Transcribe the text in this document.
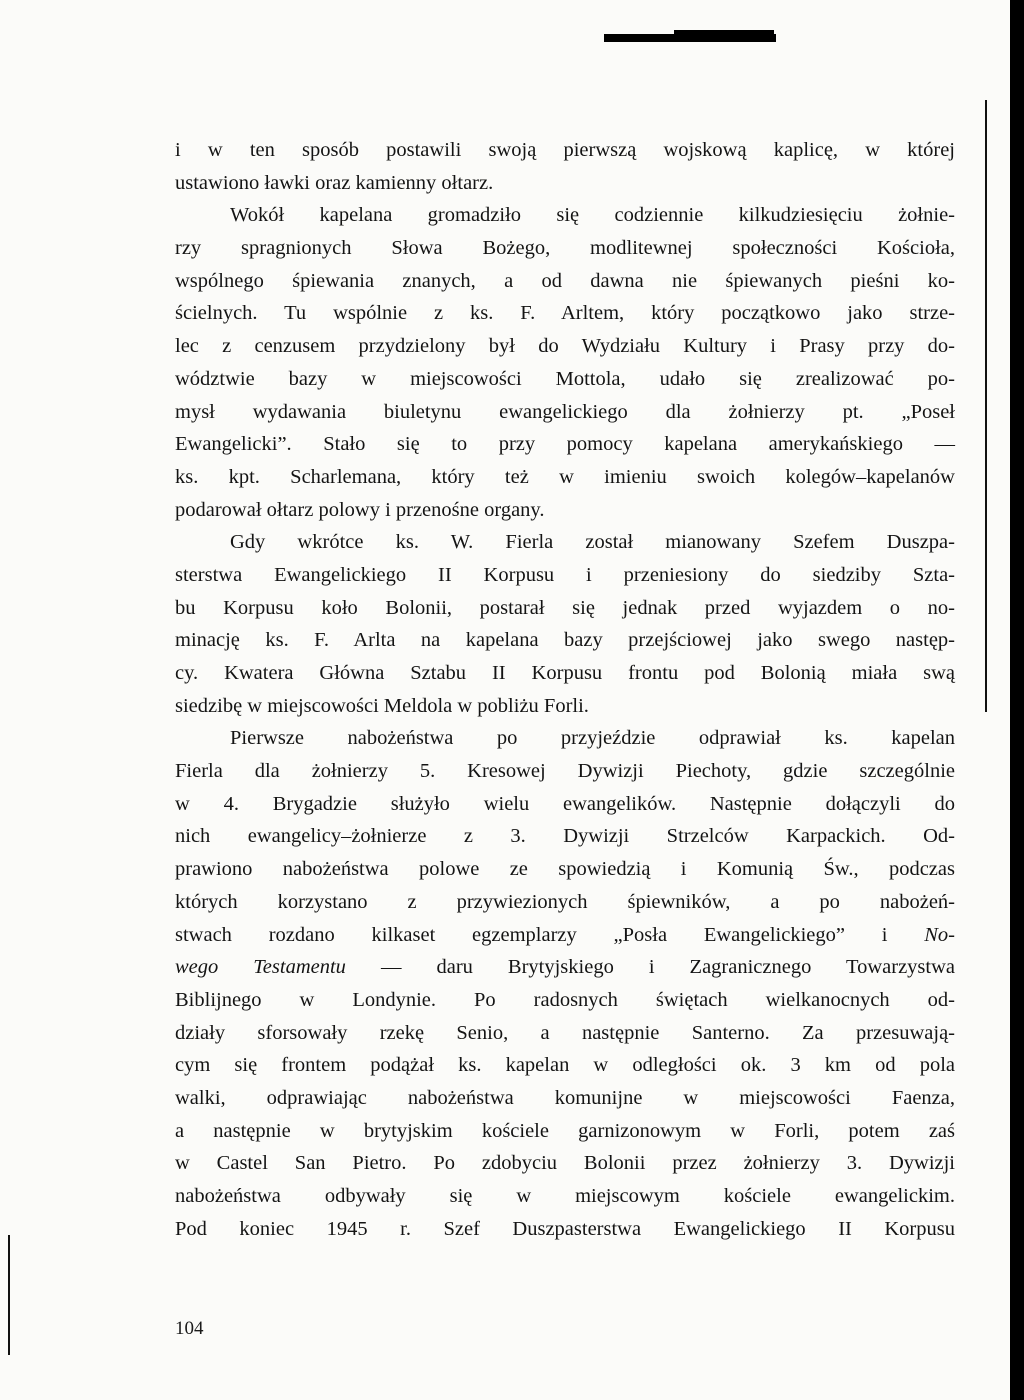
i w ten sposób postawili swoją pierwszą wojskową kaplicę, w której
ustawiono ławki oraz kamienny ołtarz.
Wokół kapelana gromadziło się codziennie kilkudziesięciu żołnie-
rzy spragnionych Słowa Bożego, modlitewnej społeczności Kościoła,
wspólnego śpiewania znanych, a od dawna nie śpiewanych pieśni ko-
ścielnych. Tu wspólnie z ks. F. Arltem, który początkowo jako strze-
lec z cenzusem przydzielony był do Wydziału Kultury i Prasy przy do-
wództwie bazy w miejscowości Mottola, udało się zrealizować po-
mysł wydawania biuletynu ewangelickiego dla żołnierzy pt. „Poseł
Ewangelicki”. Stało się to przy pomocy kapelana amerykańskiego —
ks. kpt. Scharlemana, który też w imieniu swoich kolegów–kapelanów
podarował ołtarz polowy i przenośne organy.
Gdy wkrótce ks. W. Fierla został mianowany Szefem Duszpa-
sterstwa Ewangelickiego II Korpusu i przeniesiony do siedziby Szta-
bu Korpusu koło Bolonii, postarał się jednak przed wyjazdem o no-
minację ks. F. Arlta na kapelana bazy przejściowej jako swego następ-
cy. Kwatera Główna Sztabu II Korpusu frontu pod Bolonią miała swą
siedzibę w miejscowości Meldola w pobliżu Forli.
Pierwsze nabożeństwa po przyjeździe odprawiał ks. kapelan
Fierla dla żołnierzy 5. Kresowej Dywizji Piechoty, gdzie szczególnie
w 4. Brygadzie służyło wielu ewangelików. Następnie dołączyli do
nich ewangelicy–żołnierze z 3. Dywizji Strzelców Karpackich. Od-
prawiono nabożeństwa polowe ze spowiedzią i Komunią Św., podczas
których korzystano z przywiezionych śpiewników, a po nabożeń-
stwach rozdano kilkaset egzemplarzy „Posła Ewangelickiego” i No-
wego Testamentu — daru Brytyjskiego i Zagranicznego Towarzystwa
Biblijnego w Londynie. Po radosnych świętach wielkanocnych od-
działy sforsowały rzekę Senio, a następnie Santerno. Za przesuwają-
cym się frontem podążał ks. kapelan w odległości ok. 3 km od pola
walki, odprawiając nabożeństwa komunijne w miejscowości Faenza,
a następnie w brytyjskim kościele garnizonowym w Forli, potem zaś
w Castel San Pietro. Po zdobyciu Bolonii przez żołnierzy 3. Dywizji
nabożeństwa odbywały się w miejscowym kościele ewangelickim.
Pod koniec 1945 r. Szef Duszpasterstwa Ewangelickiego II Korpusu
104
